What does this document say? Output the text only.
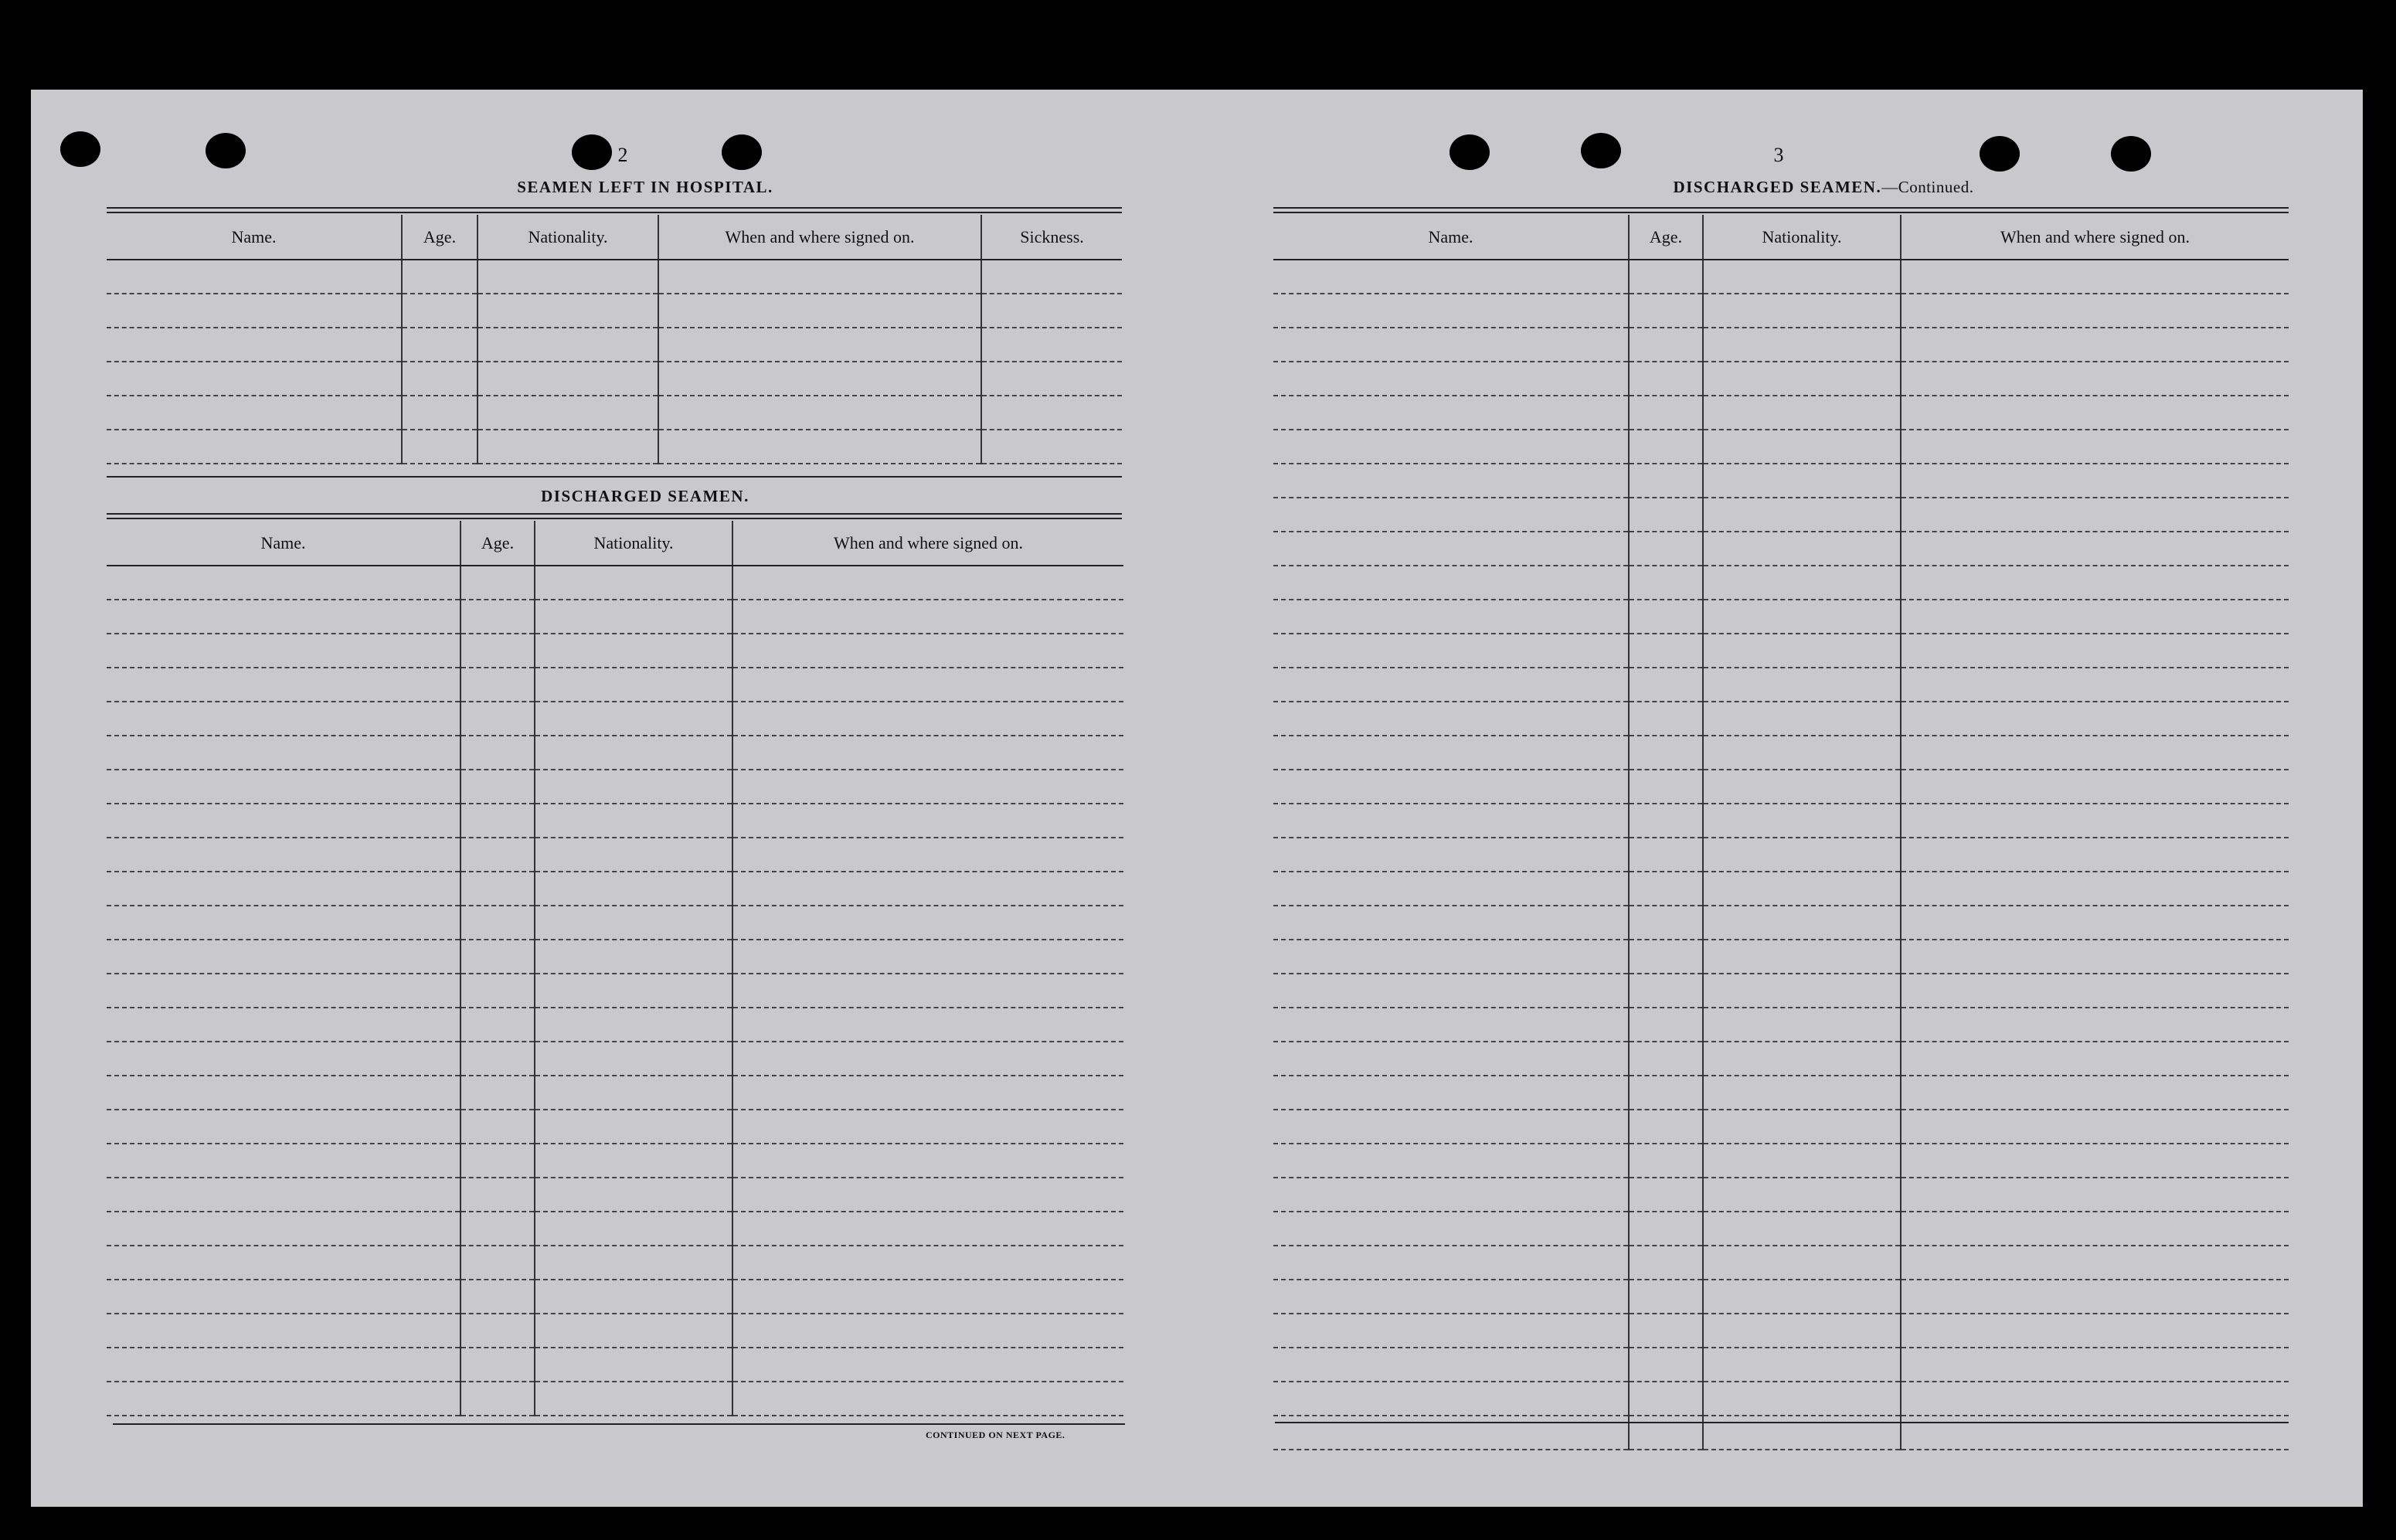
2
SEAMEN LEFT IN HOSPITAL.
Name.	Age.	Nationality.	When and where signed on.	Sickness.

DISCHARGED SEAMEN.
Name.	Age.	Nationality.	When and where signed on.

CONTINUED ON NEXT PAGE.
3
DISCHARGED SEAMEN.—Continued.
Name.	Age.	Nationality.	When and where signed on.
